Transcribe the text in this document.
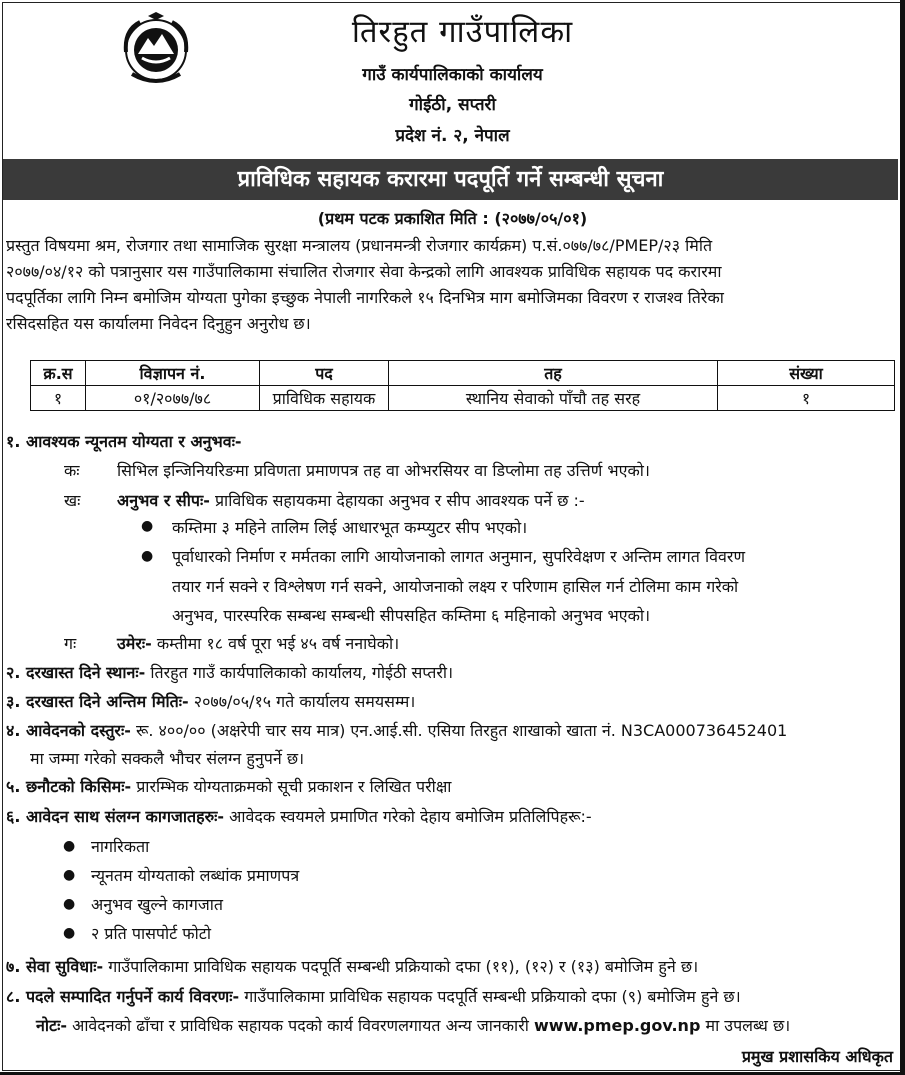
तिरहुत गाउँपालिका
गाउँ कार्यपालिकाको कार्यालय
गोईठी, सप्तरी
प्रदेश नं. २, नेपाल
प्राविधिक सहायक करारमा पदपूर्ति गर्ने सम्बन्धी सूचना
(प्रथम पटक प्रकाशित मिति : (२०७७/०५/०१)
प्रस्तुत विषयमा श्रम, रोजगार तथा सामाजिक सुरक्षा मन्त्रालय (प्रधानमन्त्री रोजगार कार्यक्रम) प.सं.०७७/७८/PMEP/२३ मिति
२०७७/०४/१२ को पत्रानुसार यस गाउँपालिकामा संचालित रोजगार सेवा केन्द्रको लागि आवश्यक प्राविधिक सहायक पद करारमा
पदपूर्तिका लागि निम्न बमोजिम योग्यता पुगेका इच्छुक नेपाली नागरिकले १५ दिनभित्र माग बमोजिमका विवरण र राजश्व तिरेका
रसिदसहित यस कार्यालमा निवेदन दिनुहुन अनुरोध छ।
क्र.स	विज्ञापन नं.	पद	तह	संख्या
१	०१/२०७७/७८	प्राविधिक सहायक	स्थानिय सेवाको पाँचौ तह सरह	१
१. आवश्यक न्यूनतम योग्यता र अनुभवः-
कः सिभिल इन्जिनियरिङमा प्रविणता प्रमाणपत्र तह वा ओभरसियर वा डिप्लोमा तह उत्तिर्ण भएको।
खः अनुभव र सीपः- प्राविधिक सहायकमा देहायका अनुभव र सीप आवश्यक पर्ने छ :-
● कम्तिमा ३ महिने तालिम लिई आधारभूत कम्प्युटर सीप भएको।
● पूर्वाधारको निर्माण र मर्मतका लागि आयोजनाको लागत अनुमान, सुपरिवेक्षण र अन्तिम लागत विवरण
तयार गर्न सक्ने र विश्लेषण गर्न सक्ने, आयोजनाको लक्ष्य र परिणाम हासिल गर्न टोलिमा काम गरेको
अनुभव, पारस्परिक सम्बन्ध सम्बन्धी सीपसहित कम्तिमा ६ महिनाको अनुभव भएको।
गः	उमेरः- कम्तीमा १८ वर्ष पूरा भई ४५ वर्ष ननाघेको।
२. दरखास्त दिने स्थानः- तिरहुत गाउँ कार्यपालिकाको कार्यालय, गोईठी सप्तरी।
३. दरखास्त दिने अन्तिम मितिः- २०७७/०५/१५ गते कार्यालय समयसम्म।
४. आवेदनको दस्तुरः- रू. ४००/०० (अक्षरेपी चार सय मात्र) एन.आई.सी. एसिया तिरहुत शाखाको खाता नं. N3CA000736452401
मा जम्मा गरेको सक्कलै भौचर संलग्न हुनुपर्ने छ।
५. छनौटको किसिमः- प्रारम्भिक योग्यताक्रमको सूची प्रकाशन र लिखित परीक्षा
६. आवेदन साथ संलग्न कागजातहरुः- आवेदक स्वयमले प्रमाणित गरेको देहाय बमोजिम प्रतिलिपिहरू:-
● नागरिकता
● न्यूनतम योग्यताको लब्धांक प्रमाणपत्र
● अनुभव खुल्ने कागजात
● २ प्रति पासपोर्ट फोटो
७. सेवा सुविधाः- गाउँपालिकामा प्राविधिक सहायक पदपूर्ति सम्बन्धी प्रक्रियाको दफा (११), (१२) र (१३) बमोजिम हुने छ।
८. पदले सम्पादित गर्नुपर्ने कार्य विवरणः- गाउँपालिकामा प्राविधिक सहायक पदपूर्ति सम्बन्धी प्रक्रियाको दफा (९) बमोजिम हुने छ।
नोटः- आवेदनको ढाँचा र प्राविधिक सहायक पदको कार्य विवरणलगायत अन्य जानकारी www.pmep.gov.np मा उपलब्ध छ।
प्रमुख प्रशासकिय अधिकृत
